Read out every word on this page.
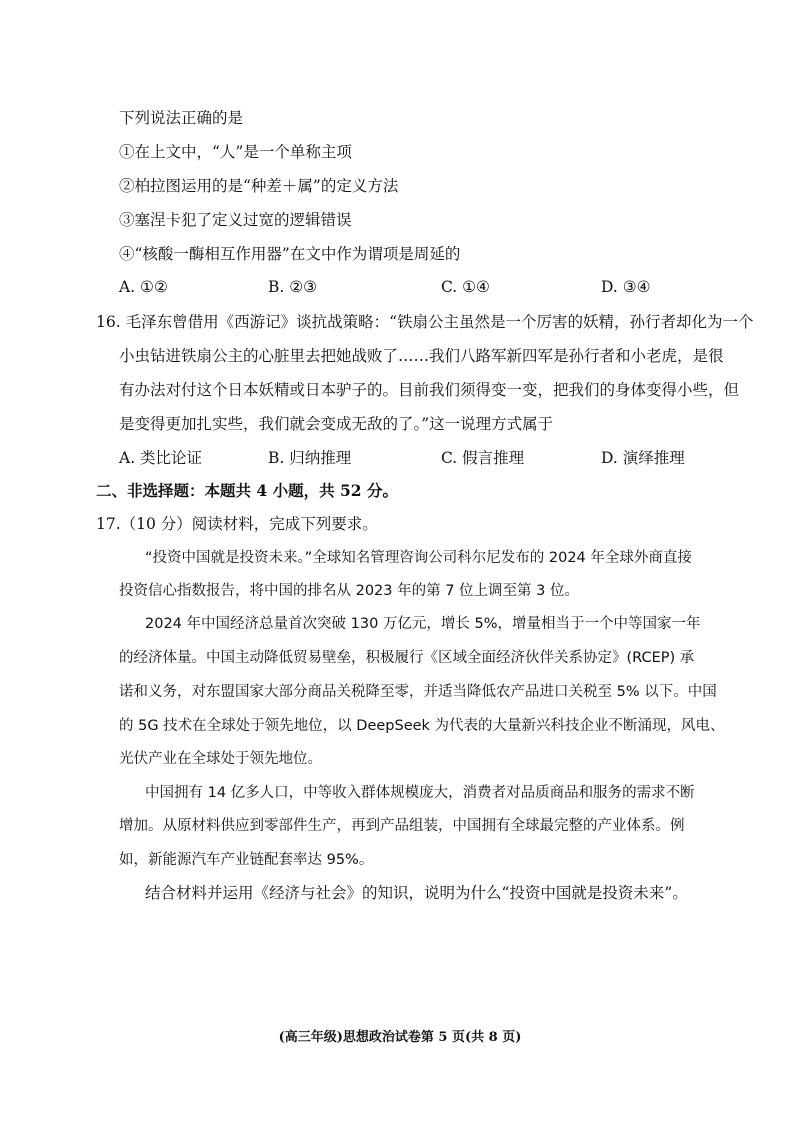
下列说法正确的是
①在上文中，“人”是一个单称主项
②柏拉图运用的是“种差＋属”的定义方法
③塞涅卡犯了定义过宽的逻辑错误
④“核酸一酶相互作用器”在文中作为谓项是周延的
A. ①②	B. ②③	C. ①④	D. ③④
16. 毛泽东曾借用《西游记》谈抗战策略：“铁扇公主虽然是一个厉害的妖精，孙行者却化为一个
小虫钻进铁扇公主的心脏里去把她战败了……我们八路军新四军是孙行者和小老虎，是很
有办法对付这个日本妖精或日本驴子的。目前我们须得变一变，把我们的身体变得小些，但
是变得更加扎实些，我们就会变成无敌的了。”这一说理方式属于
A. 类比论证	B. 归纳推理	C. 假言推理	D. 演绎推理
二、非选择题：本题共 4 小题，共 52 分。
17.（10 分）阅读材料，完成下列要求。
“投资中国就是投资未来。”全球知名管理咨询公司科尔尼发布的 2024 年全球外商直接
投资信心指数报告，将中国的排名从 2023 年的第 7 位上调至第 3 位。
2024 年中国经济总量首次突破 130 万亿元，增长 5%，增量相当于一个中等国家一年
的经济体量。中国主动降低贸易壁垒，积极履行《区域全面经济伙伴关系协定》(RCEP) 承
诺和义务，对东盟国家大部分商品关税降至零，并适当降低农产品进口关税至 5% 以下。中国
的 5G 技术在全球处于领先地位，以 DeepSeek 为代表的大量新兴科技企业不断涌现，风电、
光伏产业在全球处于领先地位。
中国拥有 14 亿多人口，中等收入群体规模庞大，消费者对品质商品和服务的需求不断
增加。从原材料供应到零部件生产，再到产品组装，中国拥有全球最完整的产业体系。例
如，新能源汽车产业链配套率达 95%。
结合材料并运用《经济与社会》的知识，说明为什么“投资中国就是投资未来”。
(高三年级)思想政治试卷第 5 页(共 8 页)
